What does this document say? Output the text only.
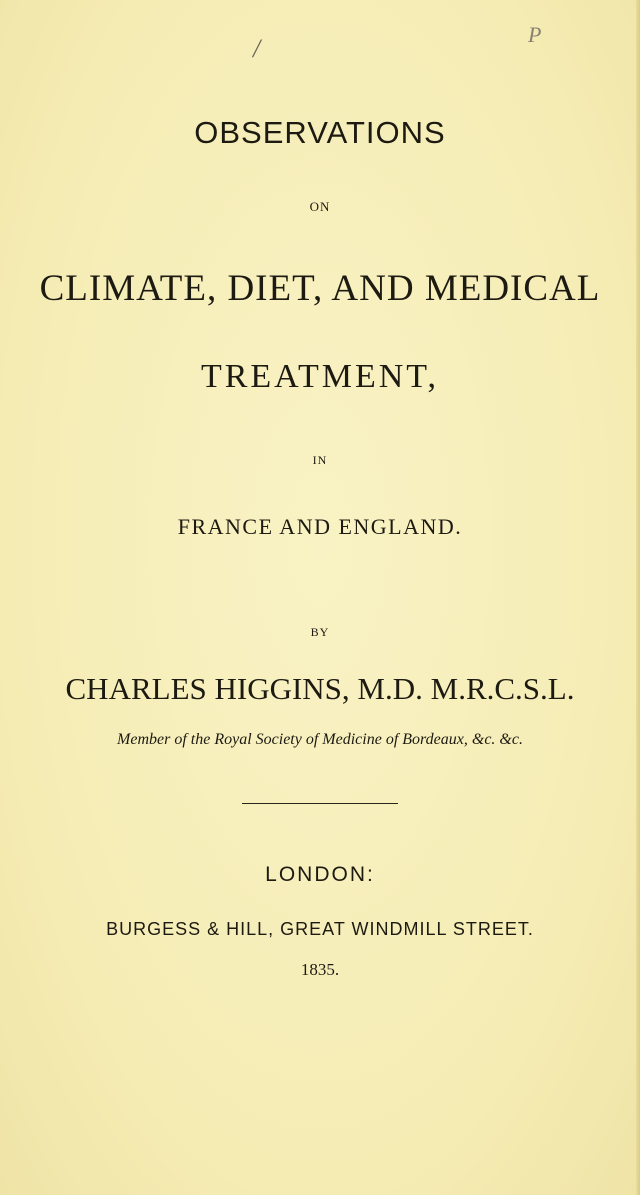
/	P
OBSERVATIONS
ON
CLIMATE, DIET, AND MEDICAL
TREATMENT,
IN
FRANCE AND ENGLAND.
BY
CHARLES HIGGINS, M.D. M.R.C.S.L.
Member of the Royal Society of Medicine of Bordeaux, &c. &c.
LONDON:
BURGESS & HILL, GREAT WINDMILL STREET.
1835.
